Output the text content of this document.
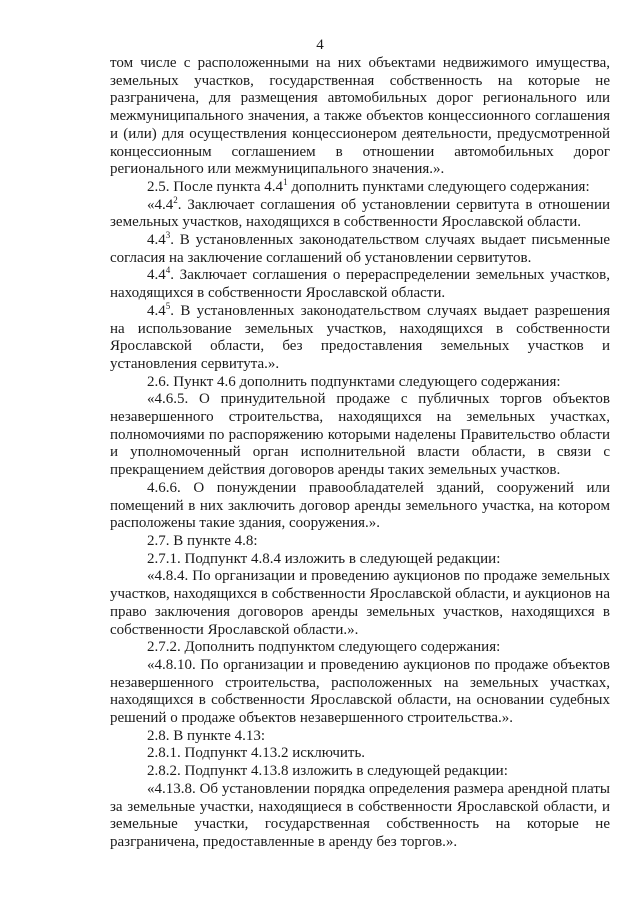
4

том числе с расположенными на них объектами недвижимого имущества, земельных участков, государственная собственность на которые не разграничена, для размещения автомобильных дорог регионального или межмуниципального значения, а также объектов концессионного соглашения и (или) для осуществления концессионером деятельности, предусмотренной концессионным соглашением в отношении автомобильных дорог регионального или межмуниципального значения.».

2.5. После пункта $4.4^1$ дополнить пунктами следующего содержания:

«$4.4^2$. Заключает соглашения об установлении сервитута в отношении земельных участков, находящихся в собственности Ярославской области.

$4.4^3$. В установленных законодательством случаях выдает письменные согласия на заключение соглашений об установлении сервитутов.

$4.4^4$. Заключает соглашения о перераспределении земельных участков, находящихся в собственности Ярославской области.

$4.4^5$. В установленных законодательством случаях выдает разрешения на использование земельных участков, находящихся в собственности Ярославской области, без предоставления земельных участков и установления сервитута.».

2.6. Пункт 4.6 дополнить подпунктами следующего содержания:

«4.6.5. О принудительной продаже с публичных торгов объектов незавершенного строительства, находящихся на земельных участках, полномочиями по распоряжению которыми наделены Правительство области и уполномоченный орган исполнительной власти области, в связи с прекращением действия договоров аренды таких земельных участков.

4.6.6. О понуждении правообладателей зданий, сооружений или помещений в них заключить договор аренды земельного участка, на котором расположены такие здания, сооружения.».

2.7. В пункте 4.8:

2.7.1. Подпункт 4.8.4 изложить в следующей редакции:

«4.8.4. По организации и проведению аукционов по продаже земельных участков, находящихся в собственности Ярославской области, и аукционов на право заключения договоров аренды земельных участков, находящихся в собственности Ярославской области.».

2.7.2. Дополнить подпунктом следующего содержания:

«4.8.10. По организации и проведению аукционов по продаже объектов незавершенного строительства, расположенных на земельных участках, находящихся в собственности Ярославской области, на основании судебных решений о продаже объектов незавершенного строительства.».

2.8. В пункте 4.13:

2.8.1. Подпункт 4.13.2 исключить.

2.8.2. Подпункт 4.13.8 изложить в следующей редакции:

«4.13.8. Об установлении порядка определения размера арендной платы за земельные участки, находящиеся в собственности Ярославской области, и земельные участки, государственная собственность на которые не разграничена, предоставленные в аренду без торгов.».
